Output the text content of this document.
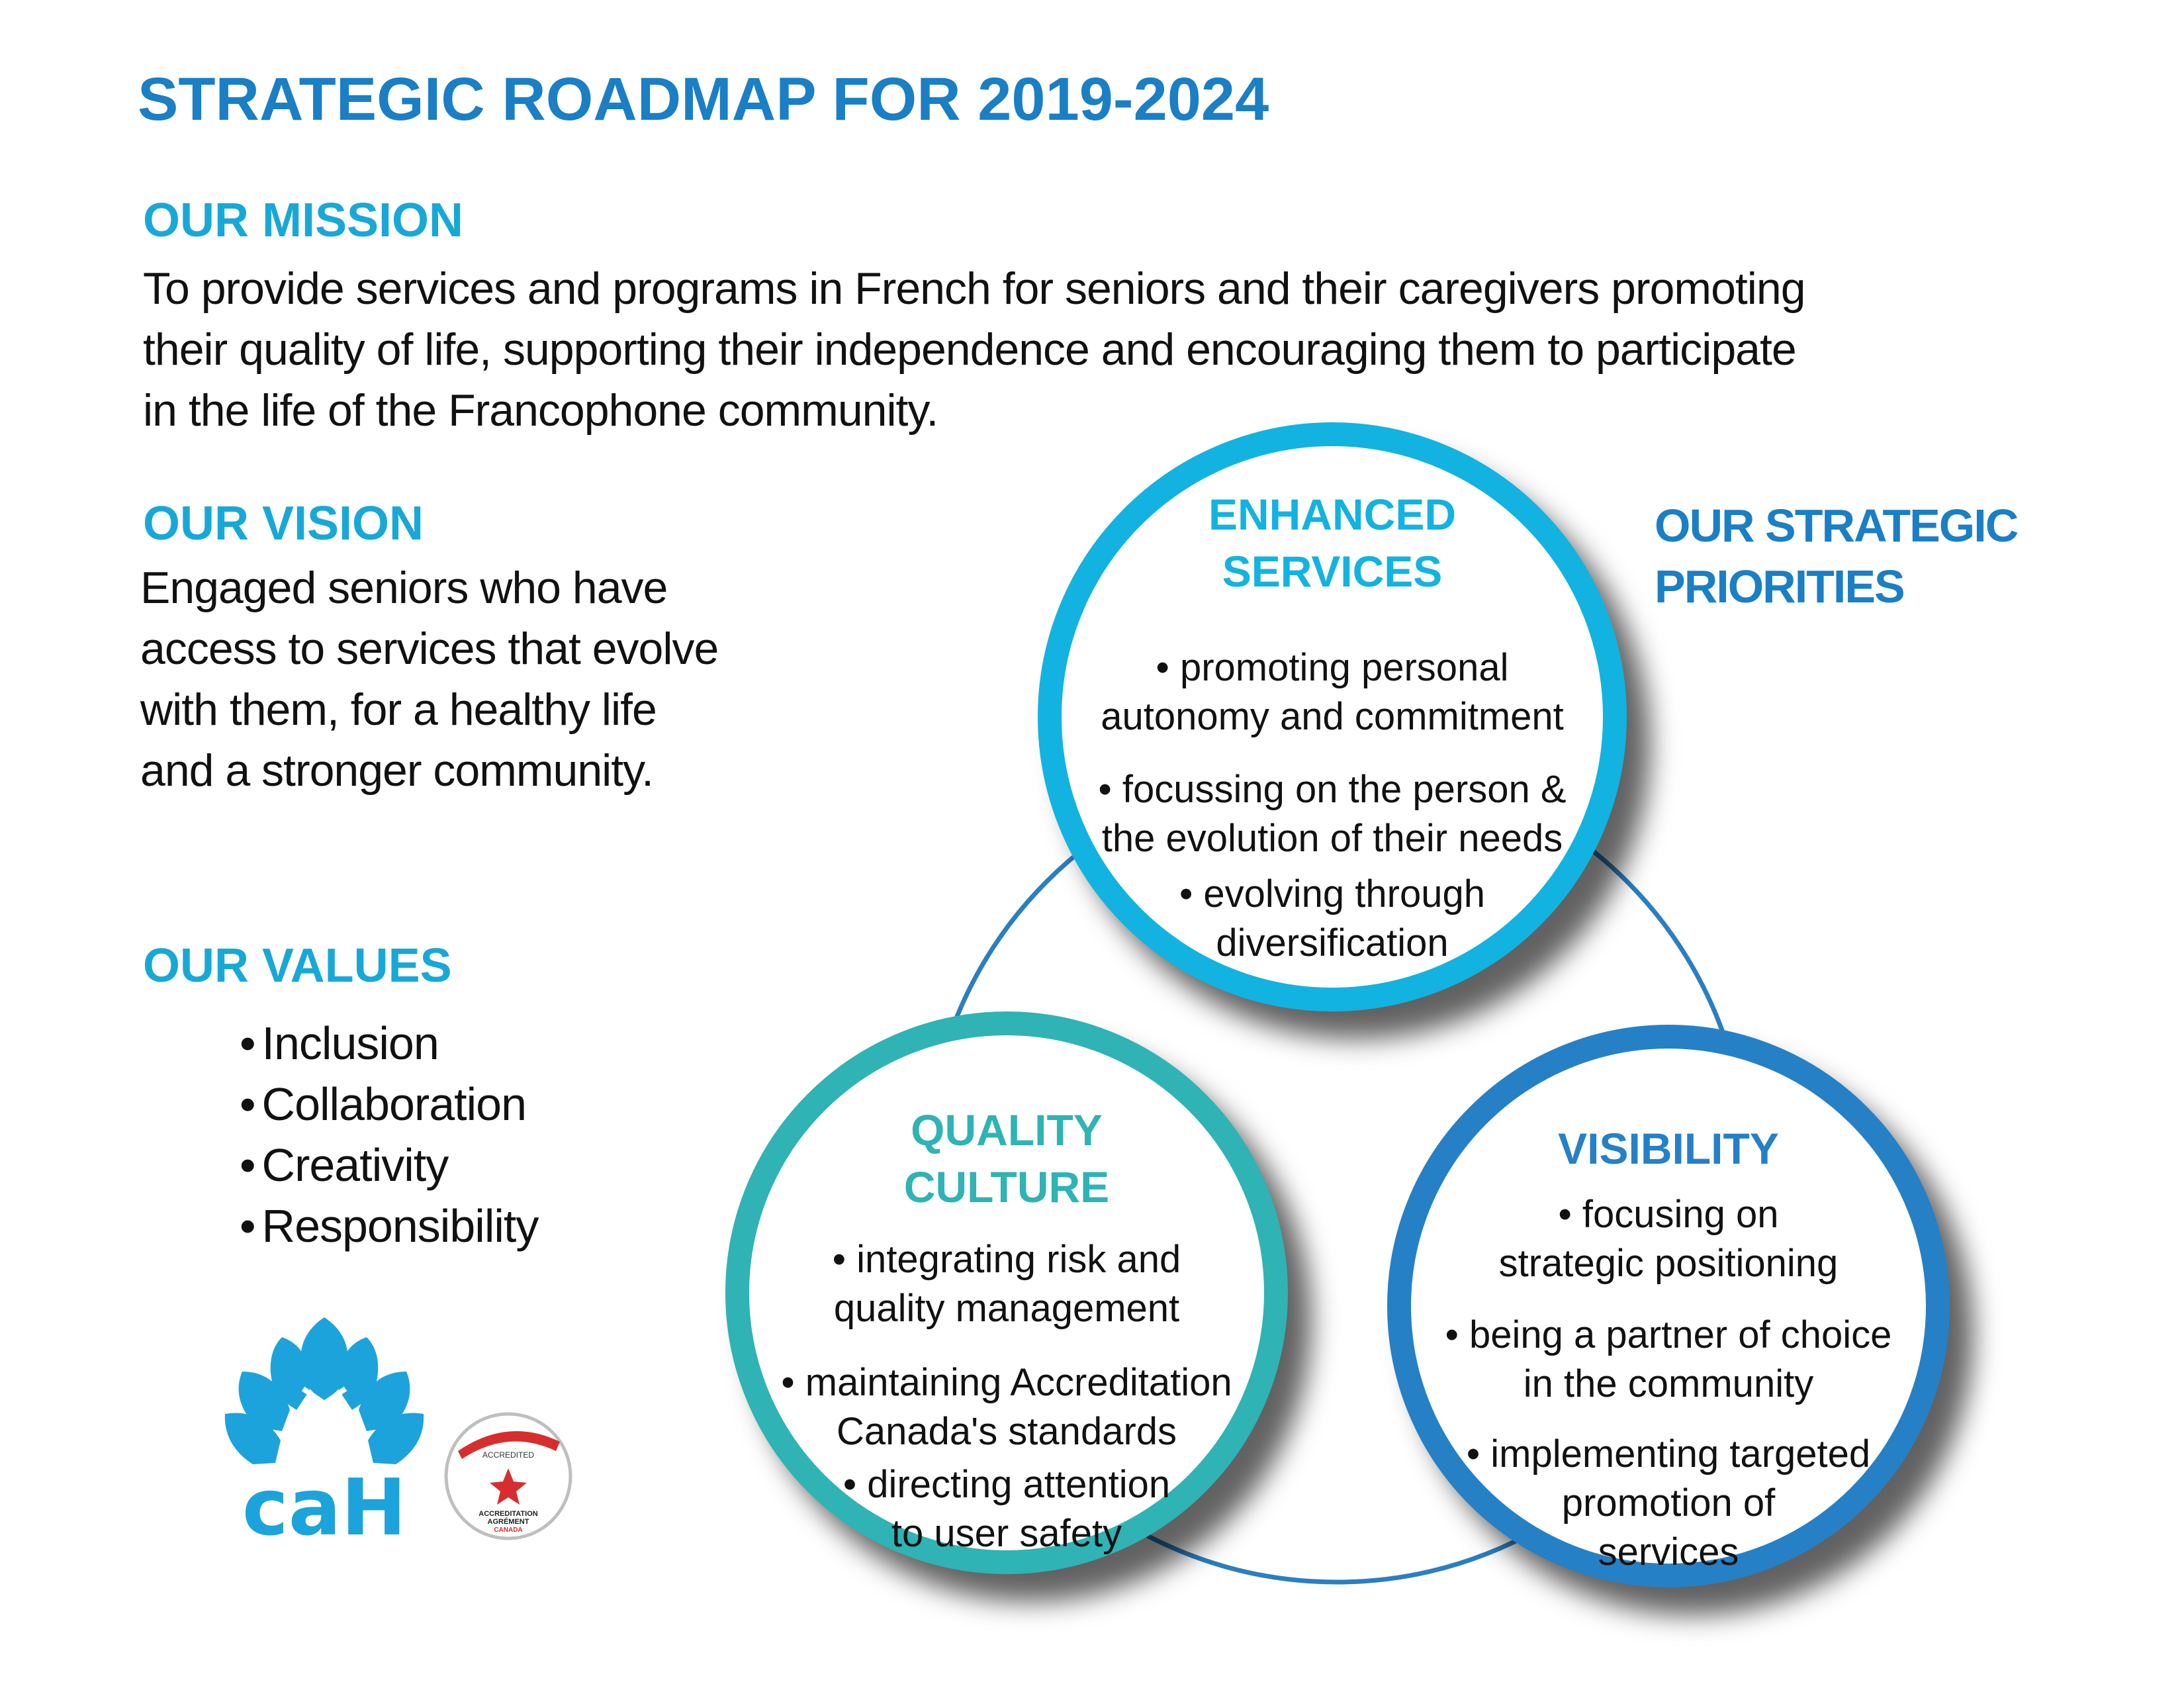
STRATEGIC ROADMAP FOR 2019-2024
OUR MISSION
To provide services and programs in French for seniors and their caregivers promoting
their quality of life, supporting their independence and encouraging them to participate
in the life of the Francophone community.
OUR VISION
Engaged seniors who have
access to services that evolve
with them, for a healthy life
and a stronger community.
OUR VALUES
• Inclusion
• Collaboration
• Creativity
• Responsibility
OUR STRATEGIC
PRIORITIES
ENHANCED
SERVICES
• promoting personal
autonomy and commitment
• focussing on the person &
the evolution of their needs
• evolving through
diversification
QUALITY
CULTURE
• integrating risk and
quality management
• maintaining Accreditation
Canada's standards
• directing attention
to user safety
VISIBILITY
• focusing on
strategic positioning
• being a partner of choice
in the community
• implementing targeted
promotion of
services
caH
ACCREDITED
ACCREDITATION
AGRÉMENT
CANADA
